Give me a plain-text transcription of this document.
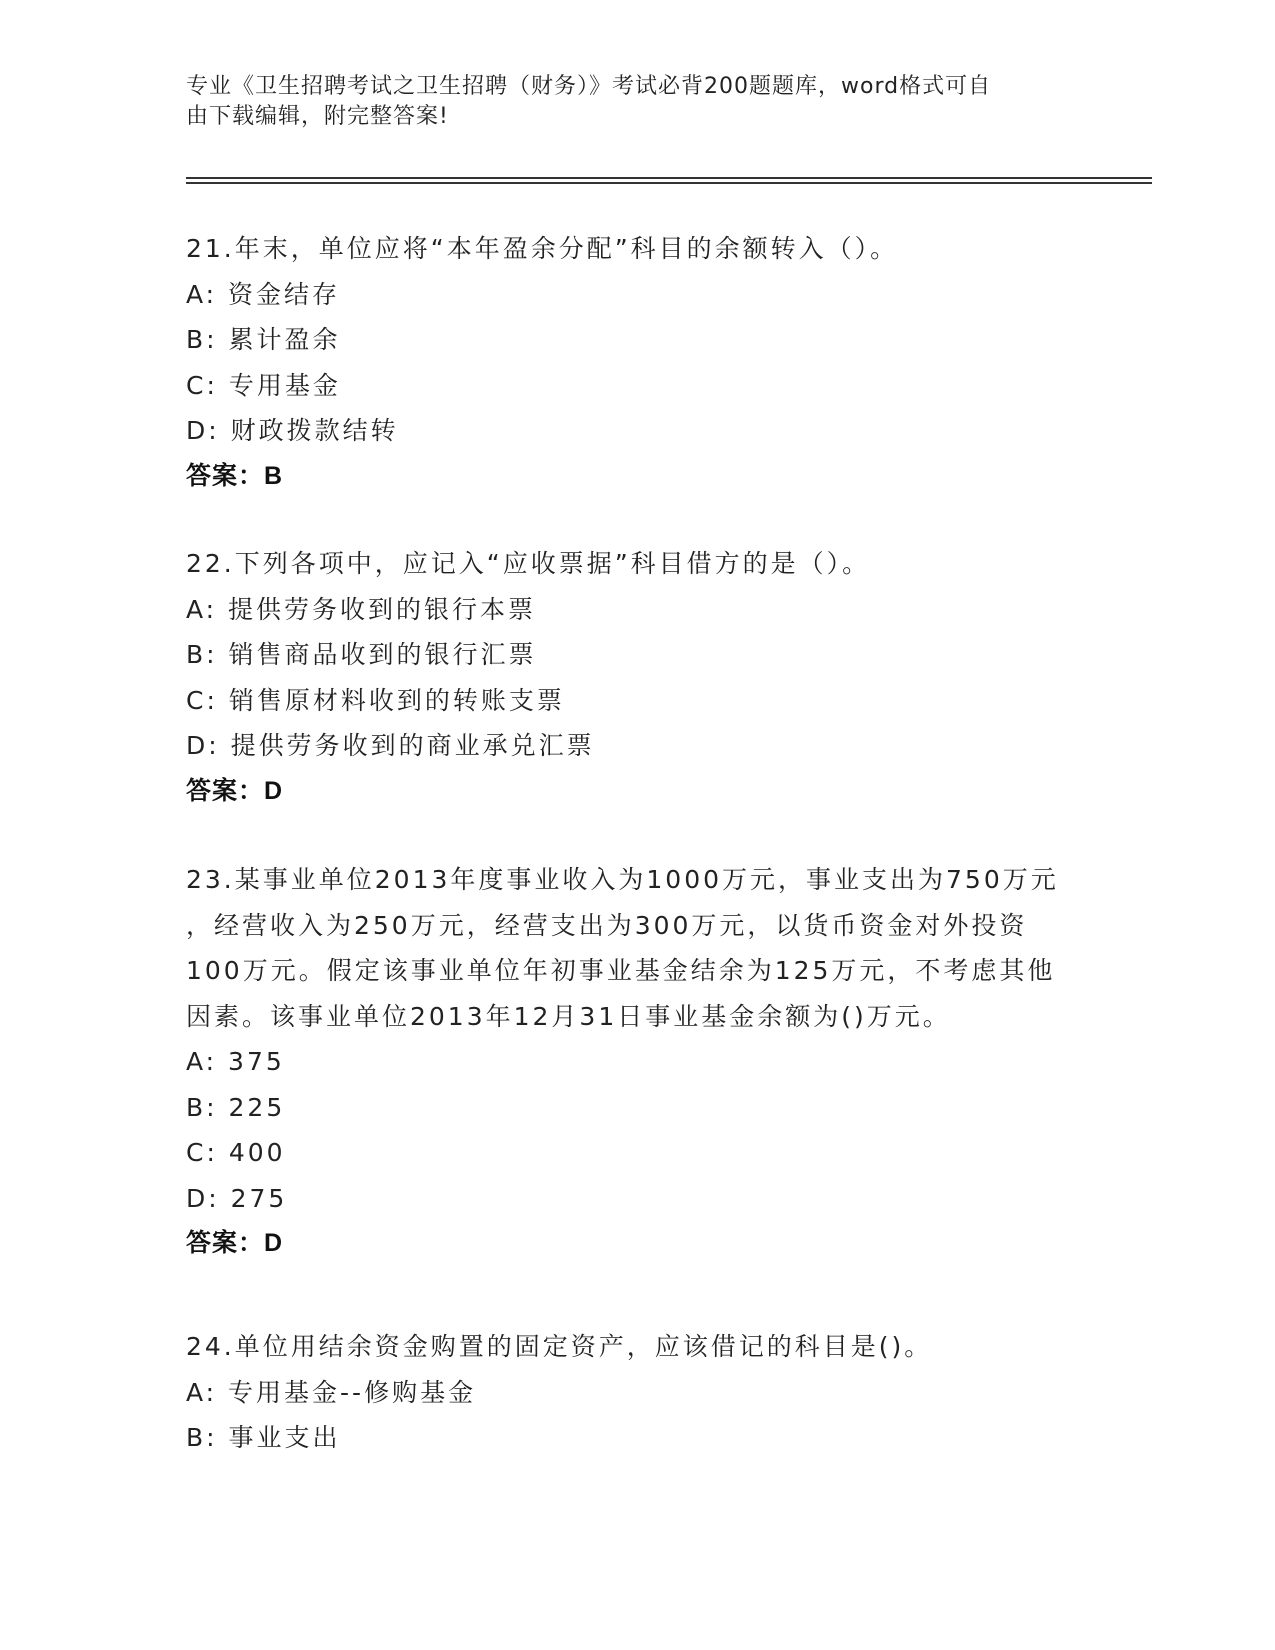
专业《卫生招聘考试之卫生招聘（财务）》考试必背200题题库，word格式可自

由下载编辑，附完整答案!

21.年末，单位应将“本年盈余分配”科目的余额转入（）。

A: 资金结存

B: 累计盈余

C: 专用基金

D: 财政拨款结转

答案：B

22.下列各项中，应记入“应收票据”科目借方的是（）。

A: 提供劳务收到的银行本票

B: 销售商品收到的银行汇票

C: 销售原材料收到的转账支票

D: 提供劳务收到的商业承兑汇票

答案：D

23.某事业单位2013年度事业收入为1000万元，事业支出为750万元

，经营收入为250万元，经营支出为300万元，以货币资金对外投资

100万元。假定该事业单位年初事业基金结余为125万元，不考虑其他

因素。该事业单位2013年12月31日事业基金余额为()万元。

A: 375

B: 225

C: 400

D: 275

答案：D

24.单位用结余资金购置的固定资产，应该借记的科目是()。

A: 专用基金--修购基金

B: 事业支出
